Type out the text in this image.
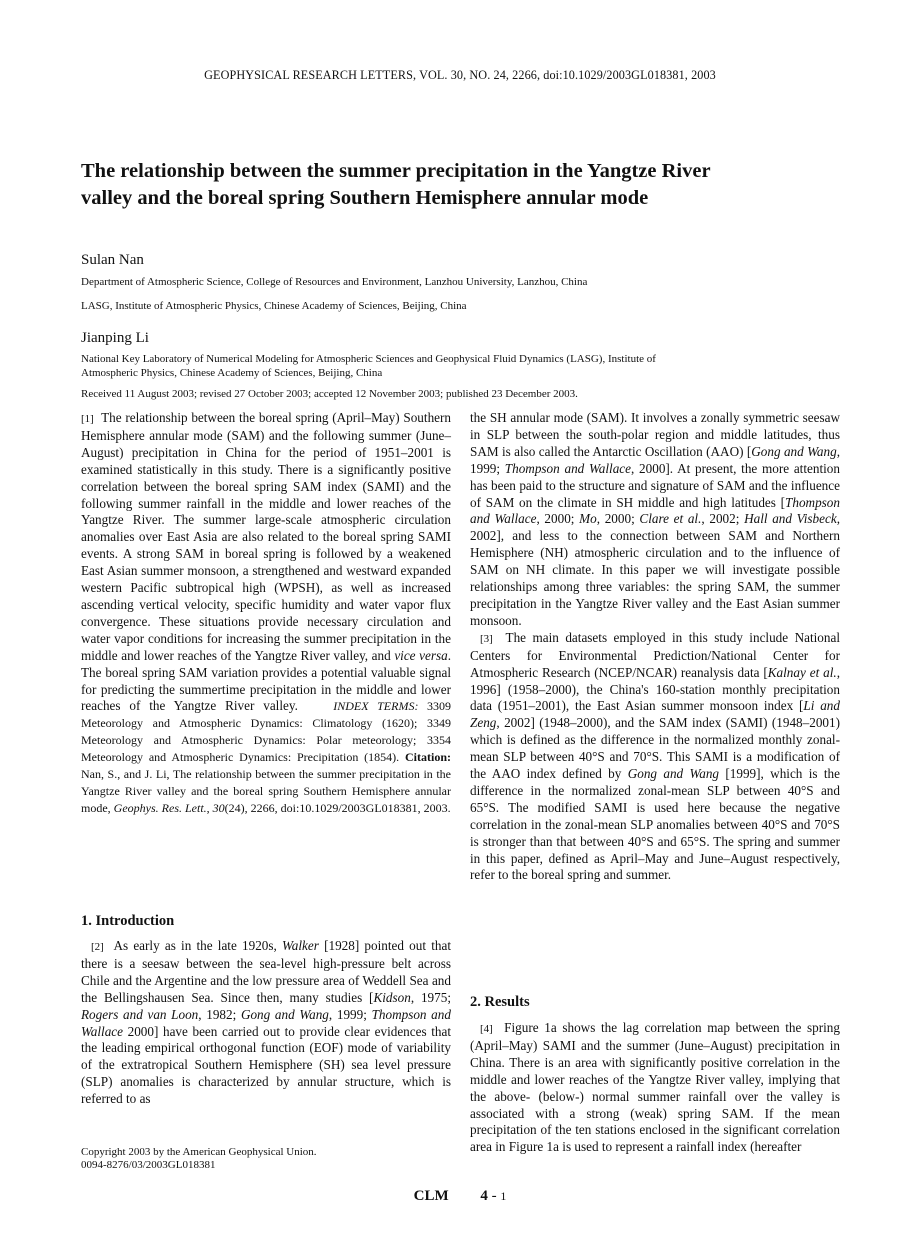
GEOPHYSICAL RESEARCH LETTERS, VOL. 30, NO. 24, 2266, doi:10.1029/2003GL018381, 2003
The relationship between the summer precipitation in the Yangtze River valley and the boreal spring Southern Hemisphere annular mode

Sulan Nan

Department of Atmospheric Science, College of Resources and Environment, Lanzhou University, Lanzhou, China

LASG, Institute of Atmospheric Physics, Chinese Academy of Sciences, Beijing, China

Jianping Li

National Key Laboratory of Numerical Modeling for Atmospheric Sciences and Geophysical Fluid Dynamics (LASG), Institute of Atmospheric Physics, Chinese Academy of Sciences, Beijing, China

Received 11 August 2003; revised 27 October 2003; accepted 12 November 2003; published 23 December 2003.

[1] The relationship between the boreal spring (April–May) Southern Hemisphere annular mode (SAM) and the following summer (June–August) precipitation in China for the period of 1951–2001 is examined statistically in this study. There is a significantly positive correlation between the boreal spring SAM index (SAMI) and the following summer rainfall in the middle and lower reaches of the Yangtze River. The summer large-scale atmospheric circulation anomalies over East Asia are also related to the boreal spring SAMI events. A strong SAM in boreal spring is followed by a weakened East Asian summer monsoon, a strengthened and westward expanded western Pacific subtropical high (WPSH), as well as increased ascending vertical velocity, specific humidity and water vapor flux convergence. These situations provide necessary circulation and water vapor conditions for increasing the summer precipitation in the middle and lower reaches of the Yangtze River valley, and vice versa. The boreal spring SAM variation provides a potential valuable signal for predicting the summertime precipitation in the middle and lower reaches of the Yangtze River valley.	INDEX TERMS: 3309 Meteorology and Atmospheric Dynamics: Climatology (1620); 3349 Meteorology and Atmospheric Dynamics: Polar meteorology; 3354 Meteorology and Atmospheric Dynamics: Precipitation (1854). Citation: Nan, S., and J. Li, The relationship between the summer precipitation in the Yangtze River valley and the boreal spring Southern Hemisphere annular mode, Geophys. Res. Lett., 30(24), 2266, doi:10.1029/2003GL018381, 2003.

1. Introduction

[2] As early as in the late 1920s, Walker [1928] pointed out that there is a seesaw between the sea-level high-pressure belt across Chile and the Argentine and the low pressure area of Weddell Sea and the Bellingshausen Sea. Since then, many studies [Kidson, 1975; Rogers and van Loon, 1982; Gong and Wang, 1999; Thompson and Wallace 2000] have been carried out to provide clear evidences that the leading empirical orthogonal function (EOF) mode of variability of the extratropical Southern Hemisphere (SH) sea level pressure (SLP) anomalies is characterized by annular structure, which is referred to as

Copyright 2003 by the American Geophysical Union.
0094-8276/03/2003GL018381

the SH annular mode (SAM). It involves a zonally symmetric seesaw in SLP between the south-polar region and middle latitudes, thus SAM is also called the Antarctic Oscillation (AAO) [Gong and Wang, 1999; Thompson and Wallace, 2000]. At present, the more attention has been paid to the structure and signature of SAM and the influence of SAM on the climate in SH middle and high latitudes [Thompson and Wallace, 2000; Mo, 2000; Clare et al., 2002; Hall and Visbeck, 2002], and less to the connection between SAM and Northern Hemisphere (NH) atmospheric circulation and to the influence of SAM on NH climate. In this paper we will investigate possible relationships among three variables: the spring SAM, the summer precipitation in the Yangtze River valley and the East Asian summer monsoon.

[3] The main datasets employed in this study include National Centers for Environmental Prediction/National Center for Atmospheric Research (NCEP/NCAR) reanalysis data [Kalnay et al., 1996] (1958–2000), the China's 160-station monthly precipitation data (1951–2001), the East Asian summer monsoon index [Li and Zeng, 2002] (1948–2000), and the SAM index (SAMI) (1948–2001) which is defined as the difference in the normalized monthly zonal-mean SLP between 40°S and 70°S. This SAMI is a modification of the AAO index defined by Gong and Wang [1999], which is the difference in the normalized zonal-mean SLP between 40°S and 65°S. The modified SAMI is used here because the negative correlation in the zonal-mean SLP anomalies between 40°S and 70°S is stronger than that between 40°S and 65°S. The spring and summer in this paper, defined as April–May and June–August respectively, refer to the boreal spring and summer.

2. Results

[4] Figure 1a shows the lag correlation map between the spring (April–May) SAMI and the summer (June–August) precipitation in China. There is an area with significantly positive correlation in the middle and lower reaches of the Yangtze River valley, implying that the above- (below-) normal summer rainfall over the valley is associated with a strong (weak) spring SAM. If the mean precipitation of the ten stations enclosed in the significant correlation area in Figure 1a is used to represent a rainfall index (hereafter

CLM 4 - 1
